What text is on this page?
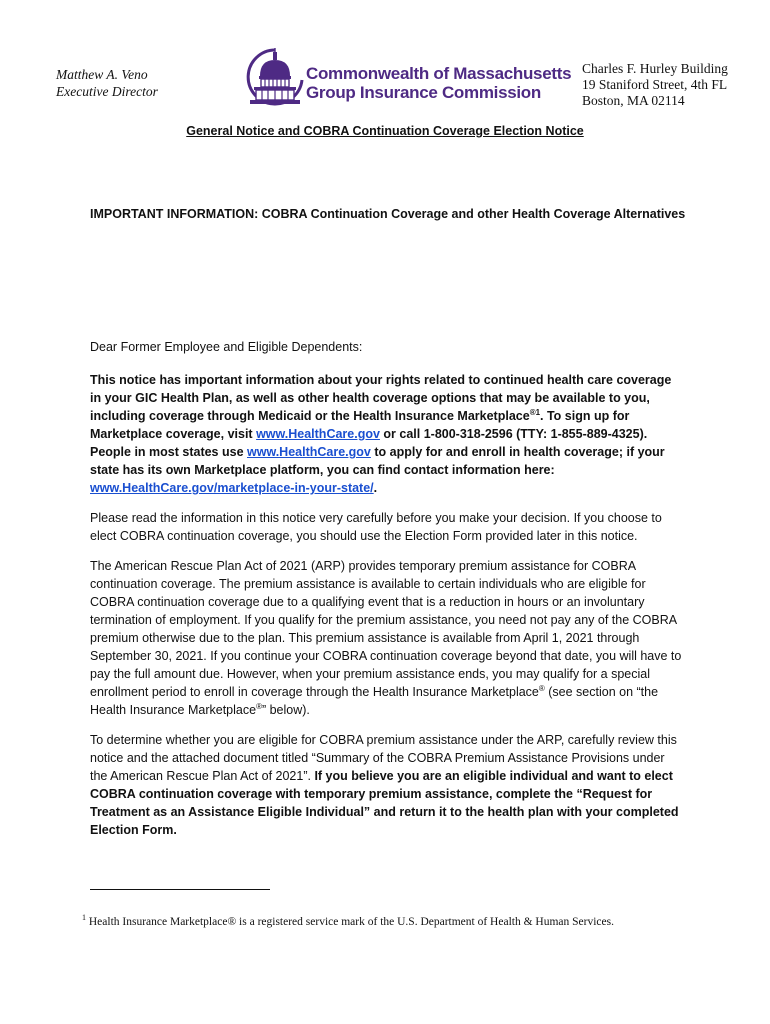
Matthew A. Veno
Executive Director
Commonwealth of Massachusetts
Group Insurance Commission
Charles F. Hurley Building
19 Staniford Street, 4th FL
Boston, MA 02114
General Notice and COBRA Continuation Coverage Election Notice
IMPORTANT INFORMATION: COBRA Continuation Coverage and other Health Coverage Alternatives
Dear Former Employee and Eligible Dependents:

This notice has important information about your rights related to continued health care coverage in your GIC Health Plan, as well as other health coverage options that may be available to you, including coverage through Medicaid or the Health Insurance Marketplace$^{®1}$. To sign up for Marketplace coverage, visit www.HealthCare.gov or call 1-800-318-2596 (TTY: 1-855-889-4325). People in most states use www.HealthCare.gov to apply for and enroll in health coverage; if your state has its own Marketplace platform, you can find contact information here: www.HealthCare.gov/marketplace-in-your-state/.

Please read the information in this notice very carefully before you make your decision. If you choose to elect COBRA continuation coverage, you should use the Election Form provided later in this notice.

The American Rescue Plan Act of 2021 (ARP) provides temporary premium assistance for COBRA continuation coverage. The premium assistance is available to certain individuals who are eligible for COBRA continuation coverage due to a qualifying event that is a reduction in hours or an involuntary termination of employment. If you qualify for the premium assistance, you need not pay any of the COBRA premium otherwise due to the plan. This premium assistance is available from April 1, 2021 through September 30, 2021. If you continue your COBRA continuation coverage beyond that date, you will have to pay the full amount due. However, when your premium assistance ends, you may qualify for a special enrollment period to enroll in coverage through the Health Insurance Marketplace® (see section on “the Health Insurance Marketplace®” below).

To determine whether you are eligible for COBRA premium assistance under the ARP, carefully review this notice and the attached document titled “Summary of the COBRA Premium Assistance Provisions under the American Rescue Plan Act of 2021”. If you believe you are an eligible individual and want to elect COBRA continuation coverage with temporary premium assistance, complete the “Request for Treatment as an Assistance Eligible Individual” and return it to the health plan with your completed Election Form.

$^1$ Health Insurance Marketplace® is a registered service mark of the U.S. Department of Health & Human Services.
